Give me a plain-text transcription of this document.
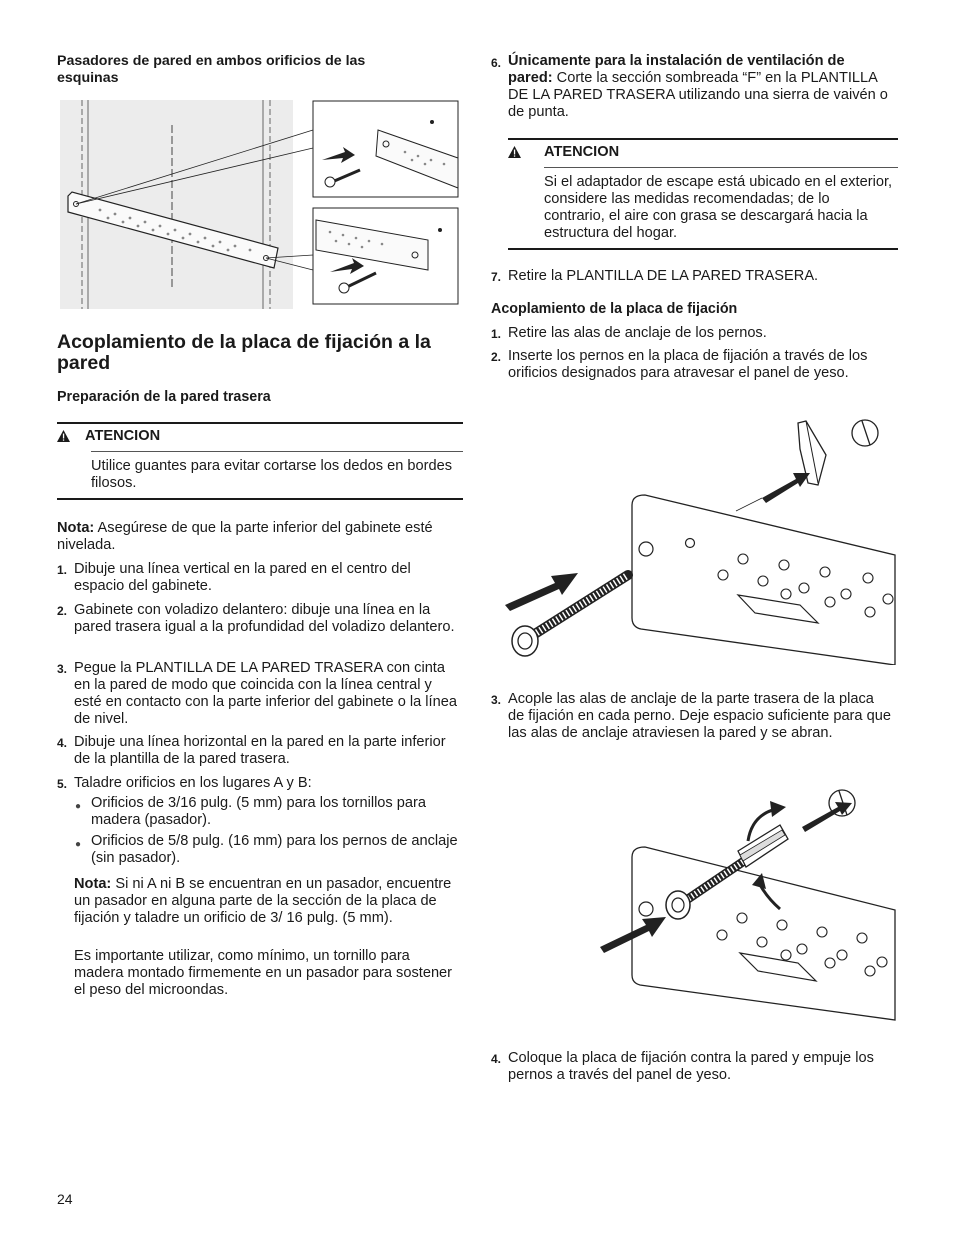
Pasadores de pared en ambos orificios de las esquinas
Acoplamiento de la placa de fijación a la pared
Preparación de la pared trasera
ATENCION
Utilice guantes para evitar cortarse los dedos en bordes filosos.
Nota: Asegúrese de que la parte inferior del gabinete esté nivelada.
1. Dibuje una línea vertical en la pared en el centro del espacio del gabinete.
2. Gabinete con voladizo delantero: dibuje una línea en la pared trasera igual a la profundidad del voladizo delantero.
3. Pegue la PLANTILLA DE LA PARED TRASERA con cinta en la pared de modo que coincida con la línea central y esté en contacto con la parte inferior del gabinete o la línea de nivel.
4. Dibuje una línea horizontal en la pared en la parte inferior de la plantilla de la pared trasera.
5. Taladre orificios en los lugares A y B:
● Orificios de 3/16 pulg. (5 mm) para los tornillos para madera (pasador).
● Orificios de 5/8 pulg. (16 mm) para los pernos de anclaje (sin pasador).
Nota: Si ni A ni B se encuentran en un pasador, encuentre un pasador en alguna parte de la sección de la placa de fijación y taladre un orificio de 3/ 16 pulg. (5 mm).
Es importante utilizar, como mínimo, un tornillo para madera montado firmemente en un pasador para sostener el peso del microondas.
24
6. Únicamente para la instalación de ventilación de pared: Corte la sección sombreada “F” en la PLANTILLA DE LA PARED TRASERA utilizando una sierra de vaivén o de punta.
ATENCION
Si el adaptador de escape está ubicado en el exterior, considere las medidas recomendadas; de lo contrario, el aire con grasa se descargará hacia la estructura del hogar.
7. Retire la PLANTILLA DE LA PARED TRASERA.
Acoplamiento de la placa de fijación
1. Retire las alas de anclaje de los pernos.
2. Inserte los pernos en la placa de fijación a través de los orificios designados para atravesar el panel de yeso.
3. Acople las alas de anclaje de la parte trasera de la placa de fijación en cada perno. Deje espacio suficiente para que las alas de anclaje atraviesen la pared y se abran.
4. Coloque la placa de fijación contra la pared y empuje los pernos a través del panel de yeso.
